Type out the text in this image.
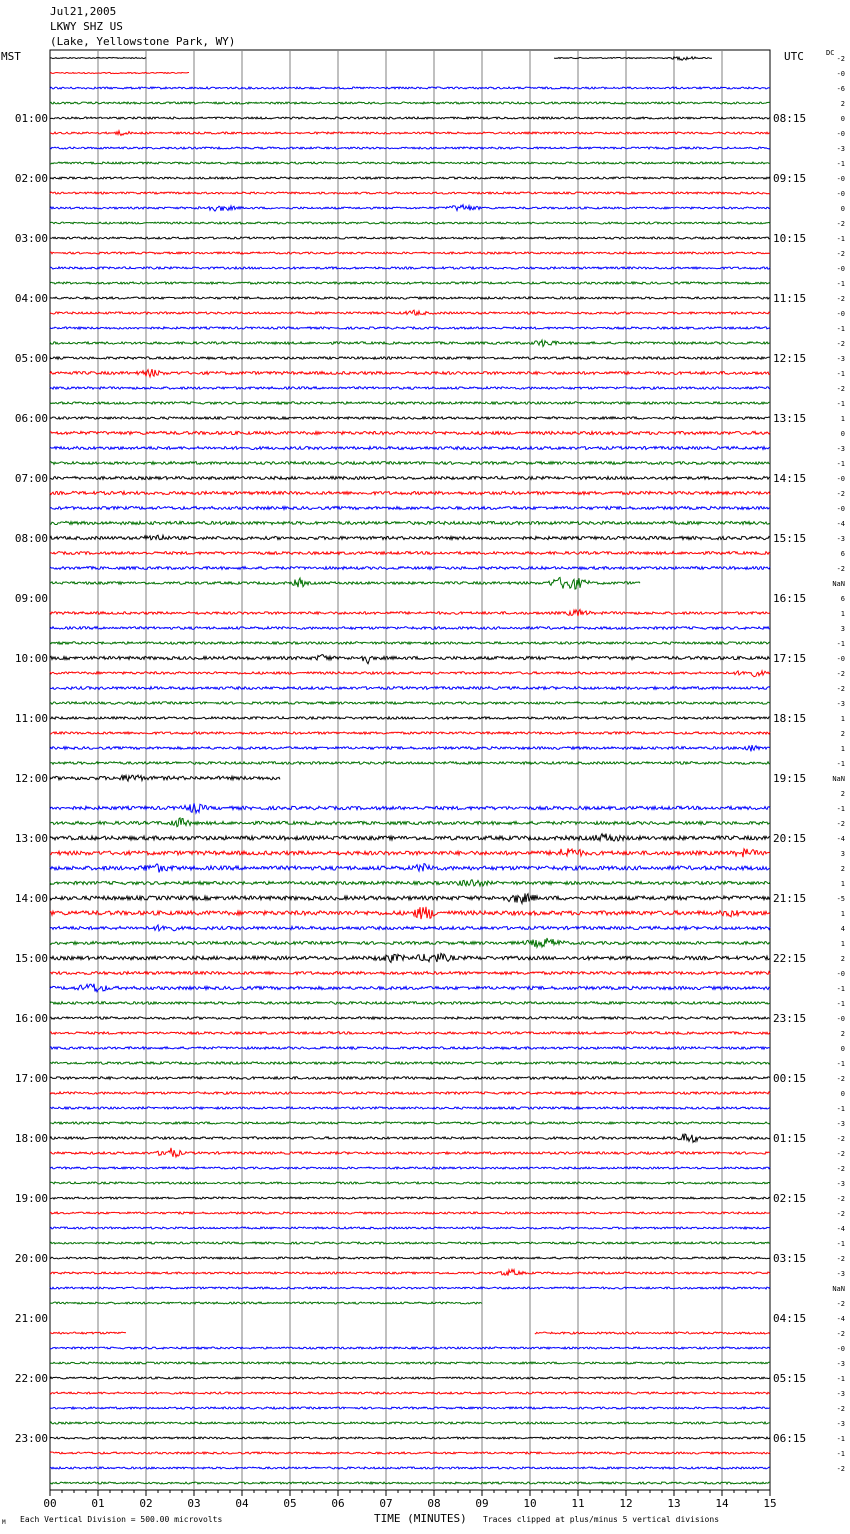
Jul21,2005
LKWY SHZ US
(Lake, Yellowstone Park, WY)
MST	UTC	DC
00	01	02	03	04	05	06	07	08	09	10	11	12	13	14	15
01:00
02:00
03:00
04:00
05:00
06:00
07:00
08:00
09:00
10:00
11:00
12:00
13:00
14:00
15:00
16:00
17:00
18:00
19:00
20:00
21:00
22:00
23:00
08:15
09:15
10:15
11:15
12:15
13:15
14:15
15:15
16:15
17:15
18:15
19:15
20:15
21:15
22:15
23:15
00:15
01:15
02:15
03:15
04:15
05:15
06:15
-2
-0
-6
2
0
-0
-3
-1
-0
-0
0
-2
-1
-2
-0
-1
-2
-0
-1
-2
-3
-1
-2
-1
1
0
-3
-1
-0
-2
-0
-4
-3
6
-2
NaN
6
1
3
-1
-0
-2
-2
-3
1
2
1
-1
NaN
2
-1
-2
-4
3
2
1
-5
1
4
1
2
-0
-1
-1
-0
2
0
-1
-2
0
-1
-3
-2
-2
-2
-3
-2
-2
-4
-1
-2
-3
NaN
-2
-4
-2
-0
-3
-1
-3
-2
-3
-1
-1
-2
TIME (MINUTES)
Each Vertical Division = 500.00 microvolts	Traces clipped at plus/minus 5 vertical divisions
M
